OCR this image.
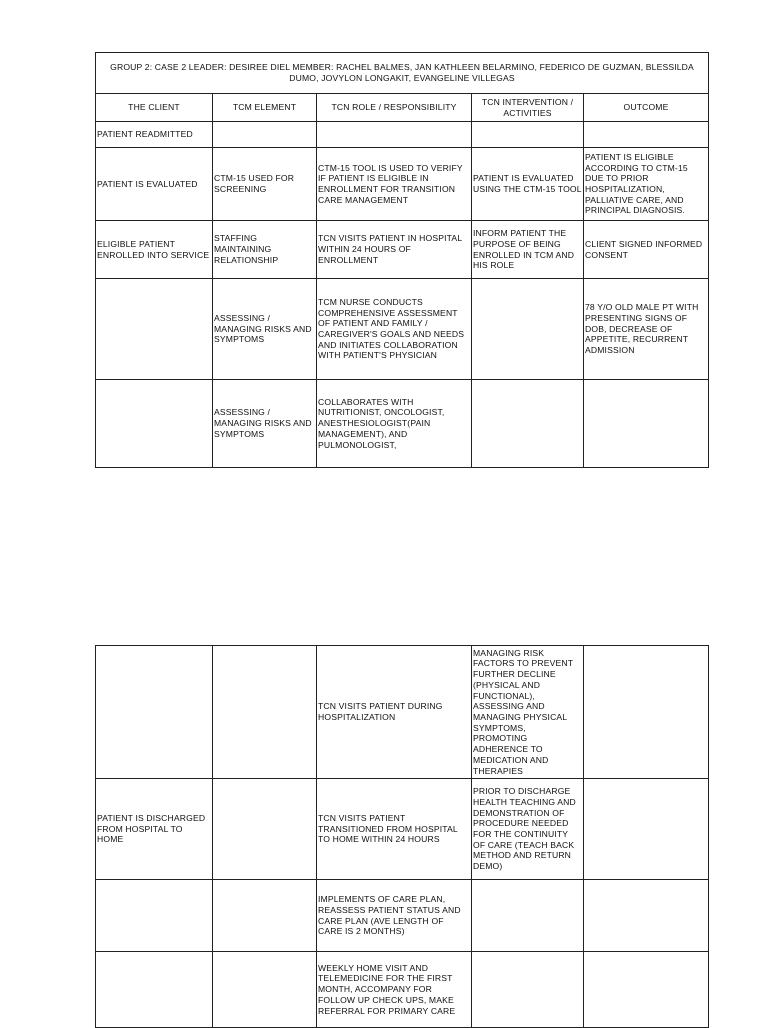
GROUP 2: CASE 2 LEADER: DESIREE DIEL MEMBER: RACHEL BALMES, JAN KATHLEEN BELARMINO, FEDERICO DE GUZMAN, BLESSILDA DUMO, JOVYLON LONGAKIT, EVANGELINE VILLEGAS				
THE CLIENT	TCM ELEMENT	TCN ROLE / RESPONSIBILITY	TCN INTERVENTION / ACTIVITIES	OUTCOME
PATIENT READMITTED				
PATIENT IS EVALUATED	CTM-15 USED FOR SCREENING	CTM-15 TOOL IS USED TO VERIFY IF PATIENT IS ELIGIBLE IN ENROLLMENT FOR TRANSITION CARE MANAGEMENT	PATIENT IS EVALUATED USING THE CTM-15 TOOL	PATIENT IS ELIGIBLE ACCORDING TO CTM-15 DUE TO PRIOR HOSPITALIZATION, PALLIATIVE CARE, AND PRINCIPAL DIAGNOSIS.
ELIGIBLE PATIENT ENROLLED INTO SERVICE	STAFFING MAINTAINING RELATIONSHIP	TCN VISITS PATIENT IN HOSPITAL WITHIN 24 HOURS OF ENROLLMENT	INFORM PATIENT THE PURPOSE OF BEING ENROLLED IN TCM AND HIS ROLE	CLIENT SIGNED INFORMED CONSENT
	ASSESSING / MANAGING RISKS AND SYMPTOMS	TCM NURSE CONDUCTS COMPREHENSIVE ASSESSMENT OF PATIENT AND FAMILY / CAREGIVER'S GOALS AND NEEDS AND INITIATES COLLABORATION WITH PATIENT'S PHYSICIAN		78 Y/O OLD MALE PT WITH PRESENTING SIGNS OF DOB, DECREASE OF APPETITE, RECURRENT ADMISSION
	ASSESSING / MANAGING RISKS AND SYMPTOMS	COLLABORATES WITH NUTRITIONIST, ONCOLOGIST, ANESTHESIOLOGIST(PAIN MANAGEMENT), AND PULMONOLOGIST,		
		TCN VISITS PATIENT DURING HOSPITALIZATION	MANAGING RISK FACTORS TO PREVENT FURTHER DECLINE (PHYSICAL AND FUNCTIONAL), ASSESSING AND MANAGING PHYSICAL SYMPTOMS, PROMOTING ADHERENCE TO MEDICATION AND THERAPIES	
PATIENT IS DISCHARGED FROM HOSPITAL TO HOME		TCN VISITS PATIENT TRANSITIONED FROM HOSPITAL TO HOME WITHIN 24 HOURS	PRIOR TO DISCHARGE HEALTH TEACHING AND DEMONSTRATION OF PROCEDURE NEEDED FOR THE CONTINUITY OF CARE (TEACH BACK METHOD AND RETURN DEMO)	
		IMPLEMENTS OF CARE PLAN, REASSESS PATIENT STATUS AND CARE PLAN (AVE LENGTH OF CARE IS 2 MONTHS)		
		WEEKLY HOME VISIT AND TELEMEDICINE FOR THE FIRST MONTH, ACCOMPANY FOR FOLLOW UP CHECK UPS, MAKE REFERRAL FOR PRIMARY CARE		
